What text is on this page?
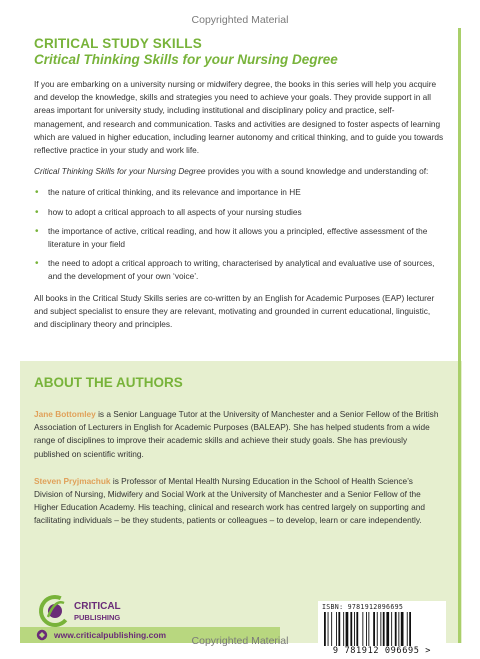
Copyrighted Material
CRITICAL STUDY SKILLS
Critical Thinking Skills for your Nursing Degree

If you are embarking on a university nursing or midwifery degree, the books in this series will help you acquire and develop the knowledge, skills and strategies you need to achieve your goals. They provide support in all areas important for university study, including institutional and disciplinary policy and practice, self-management, and research and communication. Tasks and activities are designed to foster aspects of learning which are valued in higher education, including learner autonomy and critical thinking, and to guide you towards reflective practice in your study and work life.

Critical Thinking Skills for your Nursing Degree provides you with a sound knowledge and understanding of:

• the nature of critical thinking, and its relevance and importance in HE
• how to adopt a critical approach to all aspects of your nursing studies
• the importance of active, critical reading, and how it allows you a principled, effective assessment of the literature in your field
• the need to adopt a critical approach to writing, characterised by analytical and evaluative use of sources, and the development of your own ‘voice’.

All books in the Critical Study Skills series are co-written by an English for Academic Purposes (EAP) lecturer and subject specialist to ensure they are relevant, motivating and grounded in current educational, linguistic, and disciplinary theory and principles.

ABOUT THE AUTHORS

Jane Bottomley is a Senior Language Tutor at the University of Manchester and a Senior Fellow of the British Association of Lecturers in English for Academic Purposes (BALEAP). She has helped students from a wide range of disciplines to improve their academic skills and achieve their study goals. She has previously published on scientific writing.

Steven Pryjmachuk is Professor of Mental Health Nursing Education in the School of Health Science’s Division of Nursing, Midwifery and Social Work at the University of Manchester and a Senior Fellow of the Higher Education Academy. His teaching, clinical and research work has centred largely on supporting and facilitating individuals – be they students, patients or colleagues – to develop, learn or care independently.

CRITICAL
PUBLISHING
ISBN: 9781912096695
9 781912 096695 >
www.criticalpublishing.com	Copyrighted Material
